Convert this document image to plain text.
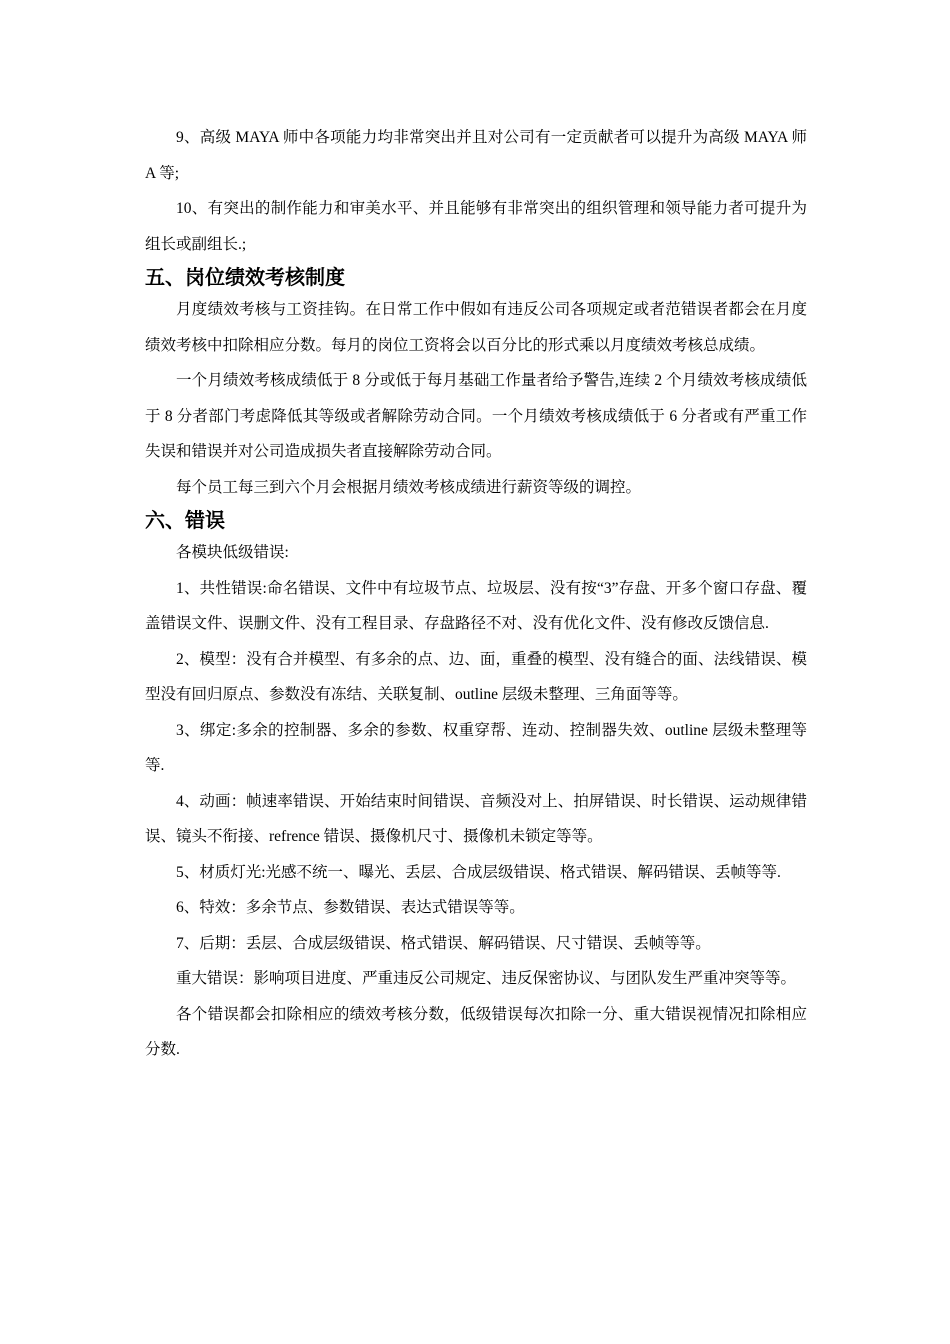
9、高级 MAYA 师中各项能力均非常突出并且对公司有一定贡献者可以提升为高级 MAYA 师 A 等;

10、有突出的制作能力和审美水平、并且能够有非常突出的组织管理和领导能力者可提升为组长或副组长.;

五、岗位绩效考核制度

月度绩效考核与工资挂钩。在日常工作中假如有违反公司各项规定或者范错误者都会在月度绩效考核中扣除相应分数。每月的岗位工资将会以百分比的形式乘以月度绩效考核总成绩。

一个月绩效考核成绩低于 8 分或低于每月基础工作量者给予警告,连续 2 个月绩效考核成绩低于 8 分者部门考虑降低其等级或者解除劳动合同。一个月绩效考核成绩低于 6 分者或有严重工作失误和错误并对公司造成损失者直接解除劳动合同。

每个员工每三到六个月会根据月绩效考核成绩进行薪资等级的调控。

六、错误

各模块低级错误:

1、共性错误:命名错误、文件中有垃圾节点、垃圾层、没有按“3”存盘、开多个窗口存盘、覆盖错误文件、误删文件、没有工程目录、存盘路径不对、没有优化文件、没有修改反馈信息.

2、模型：没有合并模型、有多余的点、边、面，重叠的模型、没有缝合的面、法线错误、模型没有回归原点、参数没有冻结、关联复制、outline 层级未整理、三角面等等。

3、绑定:多余的控制器、多余的参数、权重穿帮、连动、控制器失效、outline 层级未整理等等.

4、动画：帧速率错误、开始结束时间错误、音频没对上、拍屏错误、时长错误、运动规律错误、镜头不衔接、refrence 错误、摄像机尺寸、摄像机未锁定等等。

5、材质灯光:光感不统一、曝光、丢层、合成层级错误、格式错误、解码错误、丢帧等等.

6、特效：多余节点、参数错误、表达式错误等等。

7、后期：丢层、合成层级错误、格式错误、解码错误、尺寸错误、丢帧等等。

重大错误：影响项目进度、严重违反公司规定、违反保密协议、与团队发生严重冲突等等。

各个错误都会扣除相应的绩效考核分数，低级错误每次扣除一分、重大错误视情况扣除相应分数.
